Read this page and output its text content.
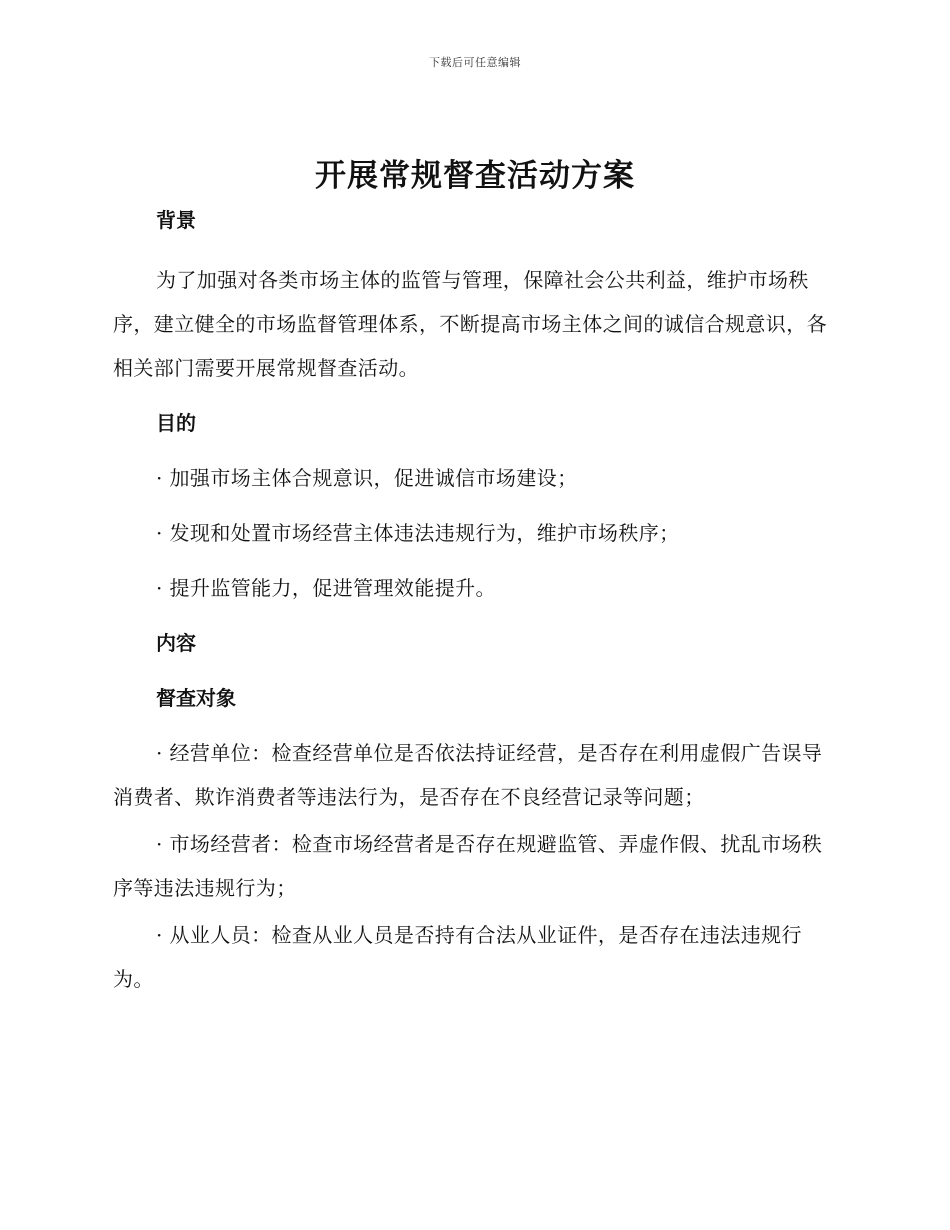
下载后可任意编辑
开展常规督查活动方案

背景

为了加强对各类市场主体的监管与管理，保障社会公共利益，维护市场秩序，建立健全的市场监督管理体系，不断提高市场主体之间的诚信合规意识，各相关部门需要开展常规督查活动。

目的

· 加强市场主体合规意识，促进诚信市场建设；

· 发现和处置市场经营主体违法违规行为，维护市场秩序；

· 提升监管能力，促进管理效能提升。

内容

督查对象

· 经营单位：检查经营单位是否依法持证经营，是否存在利用虚假广告误导消费者、欺诈消费者等违法行为，是否存在不良经营记录等问题；

· 市场经营者：检查市场经营者是否存在规避监管、弄虚作假、扰乱市场秩序等违法违规行为；

· 从业人员：检查从业人员是否持有合法从业证件，是否存在违法违规行为。
